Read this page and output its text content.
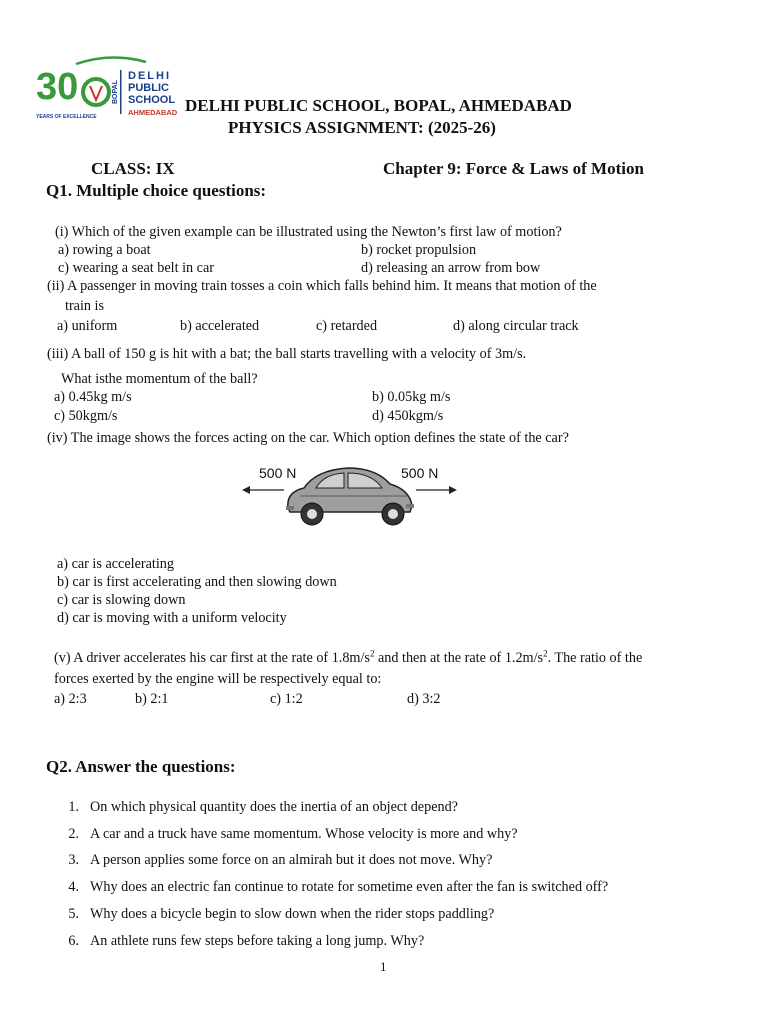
30	BOPAL
DELHI
PUBLIC
SCHOOL
AHMEDABAD
YEARS OF EXCELLENCE
DELHI PUBLIC SCHOOL, BOPAL, AHMEDABAD
PHYSICS ASSIGNMENT: (2025-26)
CLASS: IX	Chapter 9: Force & Laws of Motion
Q1. Multiple choice questions:
(i) Which of the given example can be illustrated using the Newton’s first law of motion?
a) rowing a boat	b) rocket propulsion
c) wearing a seat belt in car	d) releasing an arrow from bow
(ii) A passenger in moving train tosses a coin which falls behind him. It means that motion of the
train is
a) uniform	b) accelerated	c) retarded	d) along circular track
(iii) A ball of 150 g is hit with a bat; the ball starts travelling with a velocity of 3m/s.
What isthe momentum of the ball?
a) 0.45kg m/s	b) 0.05kg m/s
c) 50kgm/s	d) 450kgm/s
(iv) The image shows the forces acting on the car. Which option defines the state of the car?
500 N	500 N
a) car is accelerating
b) car is first accelerating and then slowing down
c) car is slowing down
d) car is moving with a uniform velocity
(v) A driver accelerates his car first at the rate of $1.8m/s^2$ and then at the rate of $1.2m/s^2$. The ratio of the
forces exerted by the engine will be respectively equal to:
a) 2:3	b) 2:1	c) 1:2	d) 3:2
Q2. Answer the questions:
1. On which physical quantity does the inertia of an object depend?
2. A car and a truck have same momentum. Whose velocity is more and why?
3. A person applies some force on an almirah but it does not move. Why?
4. Why does an electric fan continue to rotate for sometime even after the fan is switched off?
5. Why does a bicycle begin to slow down when the rider stops paddling?
6. An athlete runs few steps before taking a long jump. Why?
1
